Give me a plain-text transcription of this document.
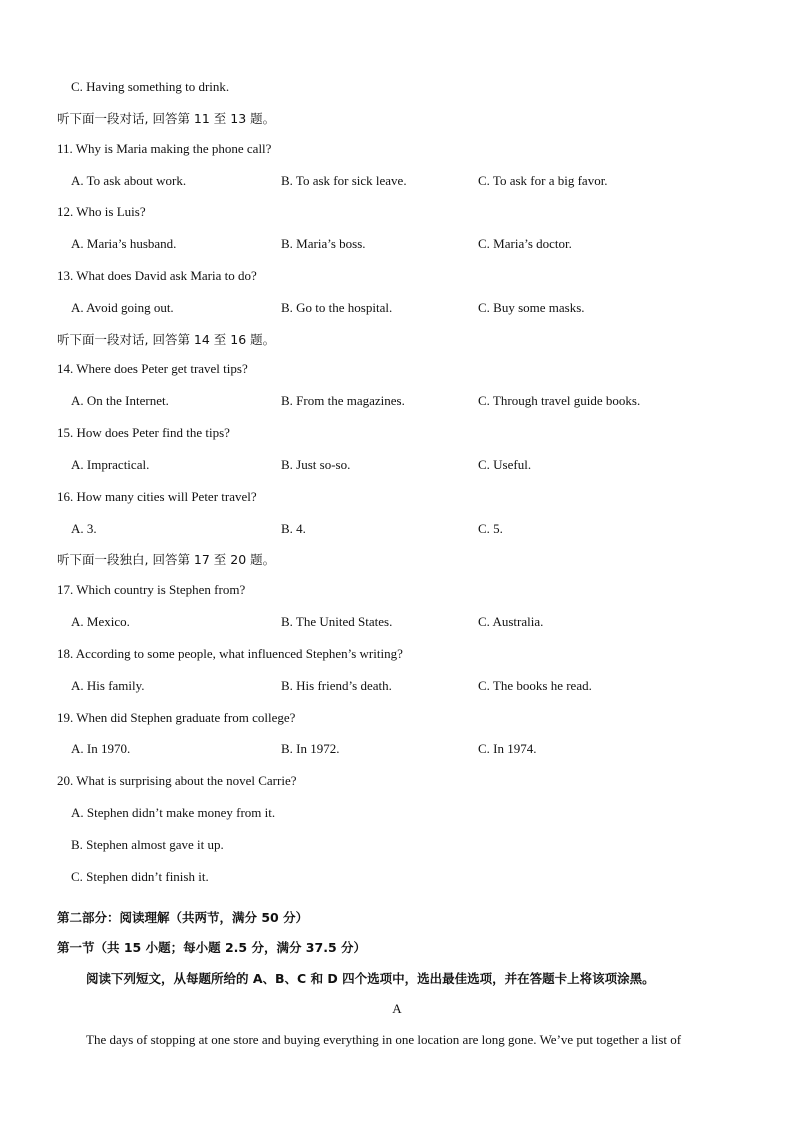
C. Having something to drink.
听下面一段对话, 回答第 11 至 13 题。
11. Why is Maria making the phone call?
A. To ask about work.	B. To ask for sick leave.	C. To ask for a big favor.
12. Who is Luis?
A. Maria’s husband.	B. Maria’s boss.	C. Maria’s doctor.
13. What does David ask Maria to do?
A. Avoid going out.	B. Go to the hospital.	C. Buy some masks.
听下面一段对话, 回答第 14 至 16 题。
14. Where does Peter get travel tips?
A. On the Internet.	B. From the magazines.	C. Through travel guide books.
15. How does Peter find the tips?
A. Impractical.	B. Just so-so.	C. Useful.
16. How many cities will Peter travel?
A. 3.	B. 4.	C. 5.
听下面一段独白, 回答第 17 至 20 题。
17. Which country is Stephen from?
A. Mexico.	B. The United States.	C. Australia.
18. According to some people, what influenced Stephen’s writing?
A. His family.	B. His friend’s death.	C. The books he read.
19. When did Stephen graduate from college?
A. In 1970.	B. In 1972.	C. In 1974.
20. What is surprising about the novel Carrie?
A. Stephen didn’t make money from it.
B. Stephen almost gave it up.
C. Stephen didn’t finish it.
第二部分：阅读理解（共两节，满分 50 分）
第一节（共 15 小题；每小题 2.5 分，满分 37.5 分）
阅读下列短文，从每题所给的 A、B、C 和 D 四个选项中，选出最佳选项，并在答题卡上将该项涂黑。
A
The days of stopping at one store and buying everything in one location are long gone. We’ve put together a list of
